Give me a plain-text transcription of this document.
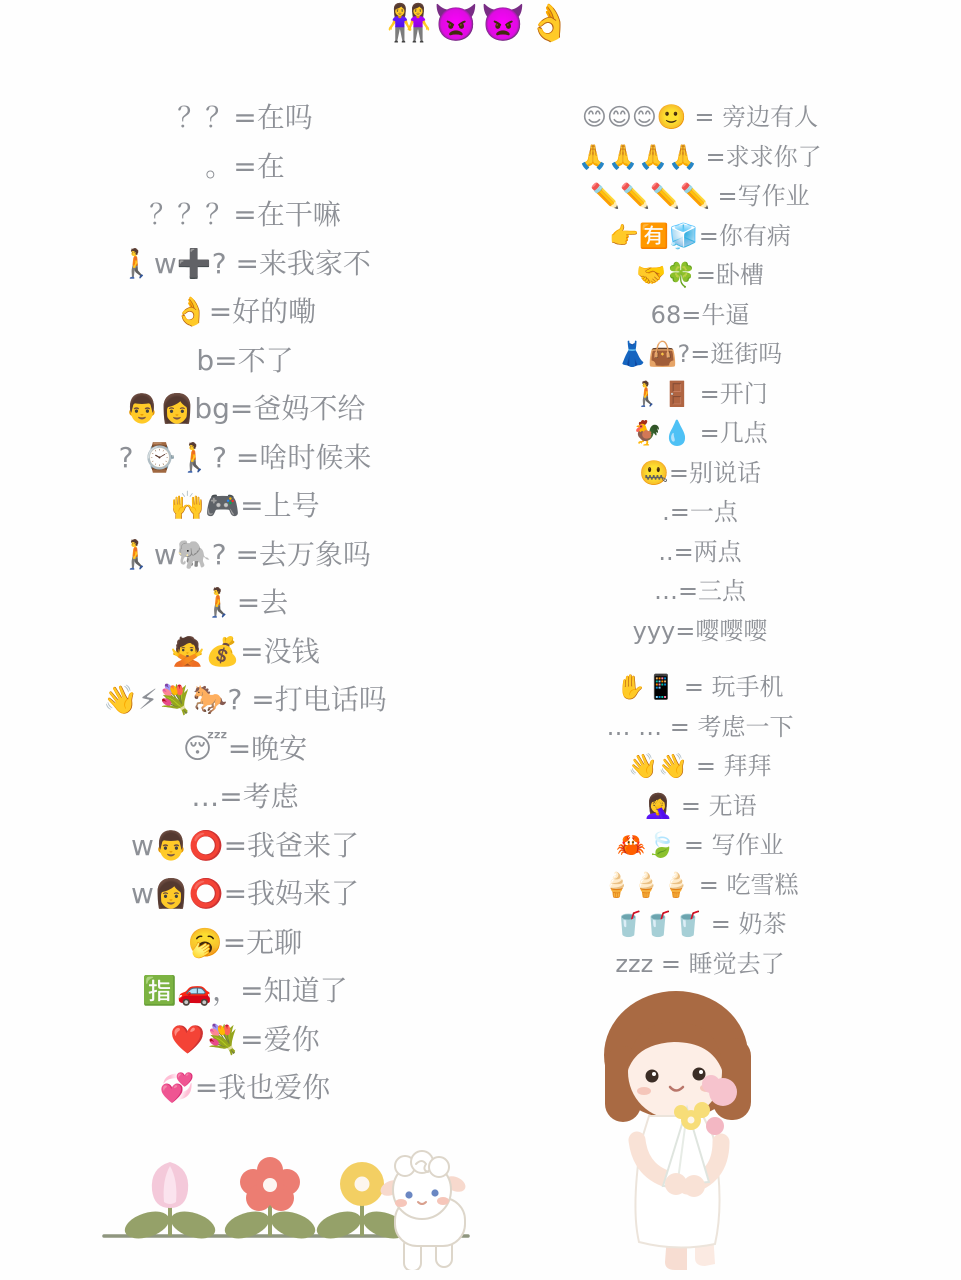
👭👿👿👌
？？=在吗
。=在
？？？=在干嘛
🚶w➕? =来我家不
👌=好的嘞
b=不了
👨👩bg=爸妈不给
? ⌚🚶? =啥时候来
🙌🎮=上号
🚶w🐘? =去万象吗
🚶=去
🙅💰=没钱
👋⚡💐🐎? =打电话吗
😴=晚安
…=考虑
w👨⭕=我爸来了
w👩⭕=我妈来了
🥱=无聊
🈯🚗，=知道了
❤️💐=爱你
💞=我也爱你
😊😊😊🙂 = 旁边有人
🙏🙏🙏🙏 =求求你了
✏️✏️✏️✏️ =写作业
👉🈶🧊=你有病
🤝🍀=卧槽
68=牛逼
👗👜?=逛街吗
🚶🚪 =开门
🐓💧 =几点
🤐=别说话
.=一点
..=两点
…=三点
yyy=嘤嘤嘤
✋📱 = 玩手机
… … = 考虑一下
👋👋 = 拜拜
🤦‍♀️ = 无语
🦀🍃 = 写作业
🍦🍦🍦 = 吃雪糕
🥤🥤🥤 = 奶茶
zzz = 睡觉去了
